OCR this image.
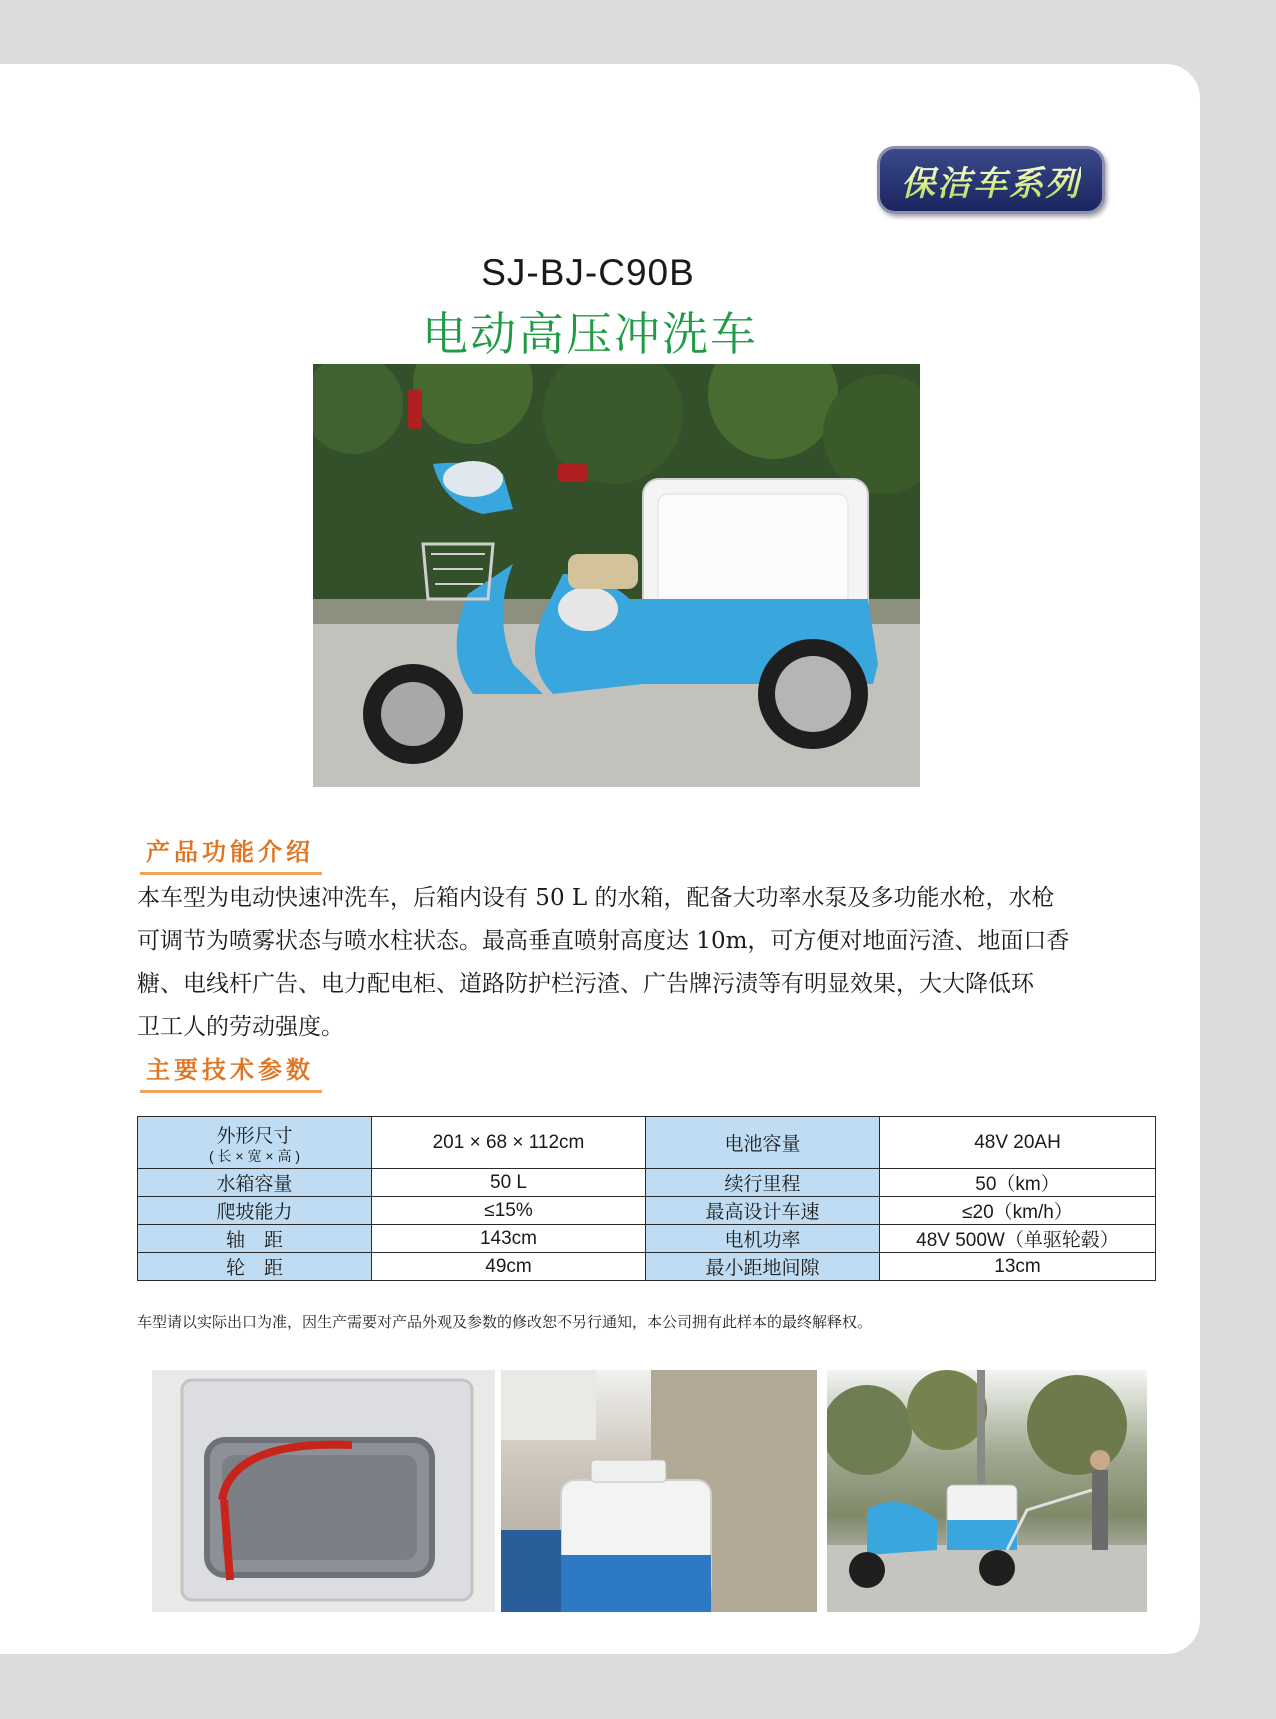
保洁车系列
SJ-BJ-C90B
电动高压冲洗车
产品功能介绍
本车型为电动快速冲洗车，后箱内设有 50 L 的水箱，配备大功率水泵及多功能水枪，水枪
可调节为喷雾状态与喷水柱状态。最高垂直喷射高度达 10m，可方便对地面污渣、地面口香
糖、电线杆广告、电力配电柜、道路防护栏污渣、广告牌污渍等有明显效果，大大降低环
卫工人的劳动强度。
主要技术参数
外形尺寸
( 长 × 宽 × 高 )	201 × 68 × 112cm	电池容量	48V 20AH
水箱容量	50 L	续行里程	50（km）
爬坡能力	≤15%	最高设计车速	≤20（km/h）
轴　距	143cm	电机功率	48V 500W（单驱轮毂）
轮　距	49cm	最小距地间隙	13cm
车型请以实际出口为准，因生产需要对产品外观及参数的修改恕不另行通知，本公司拥有此样本的最终解释权。
